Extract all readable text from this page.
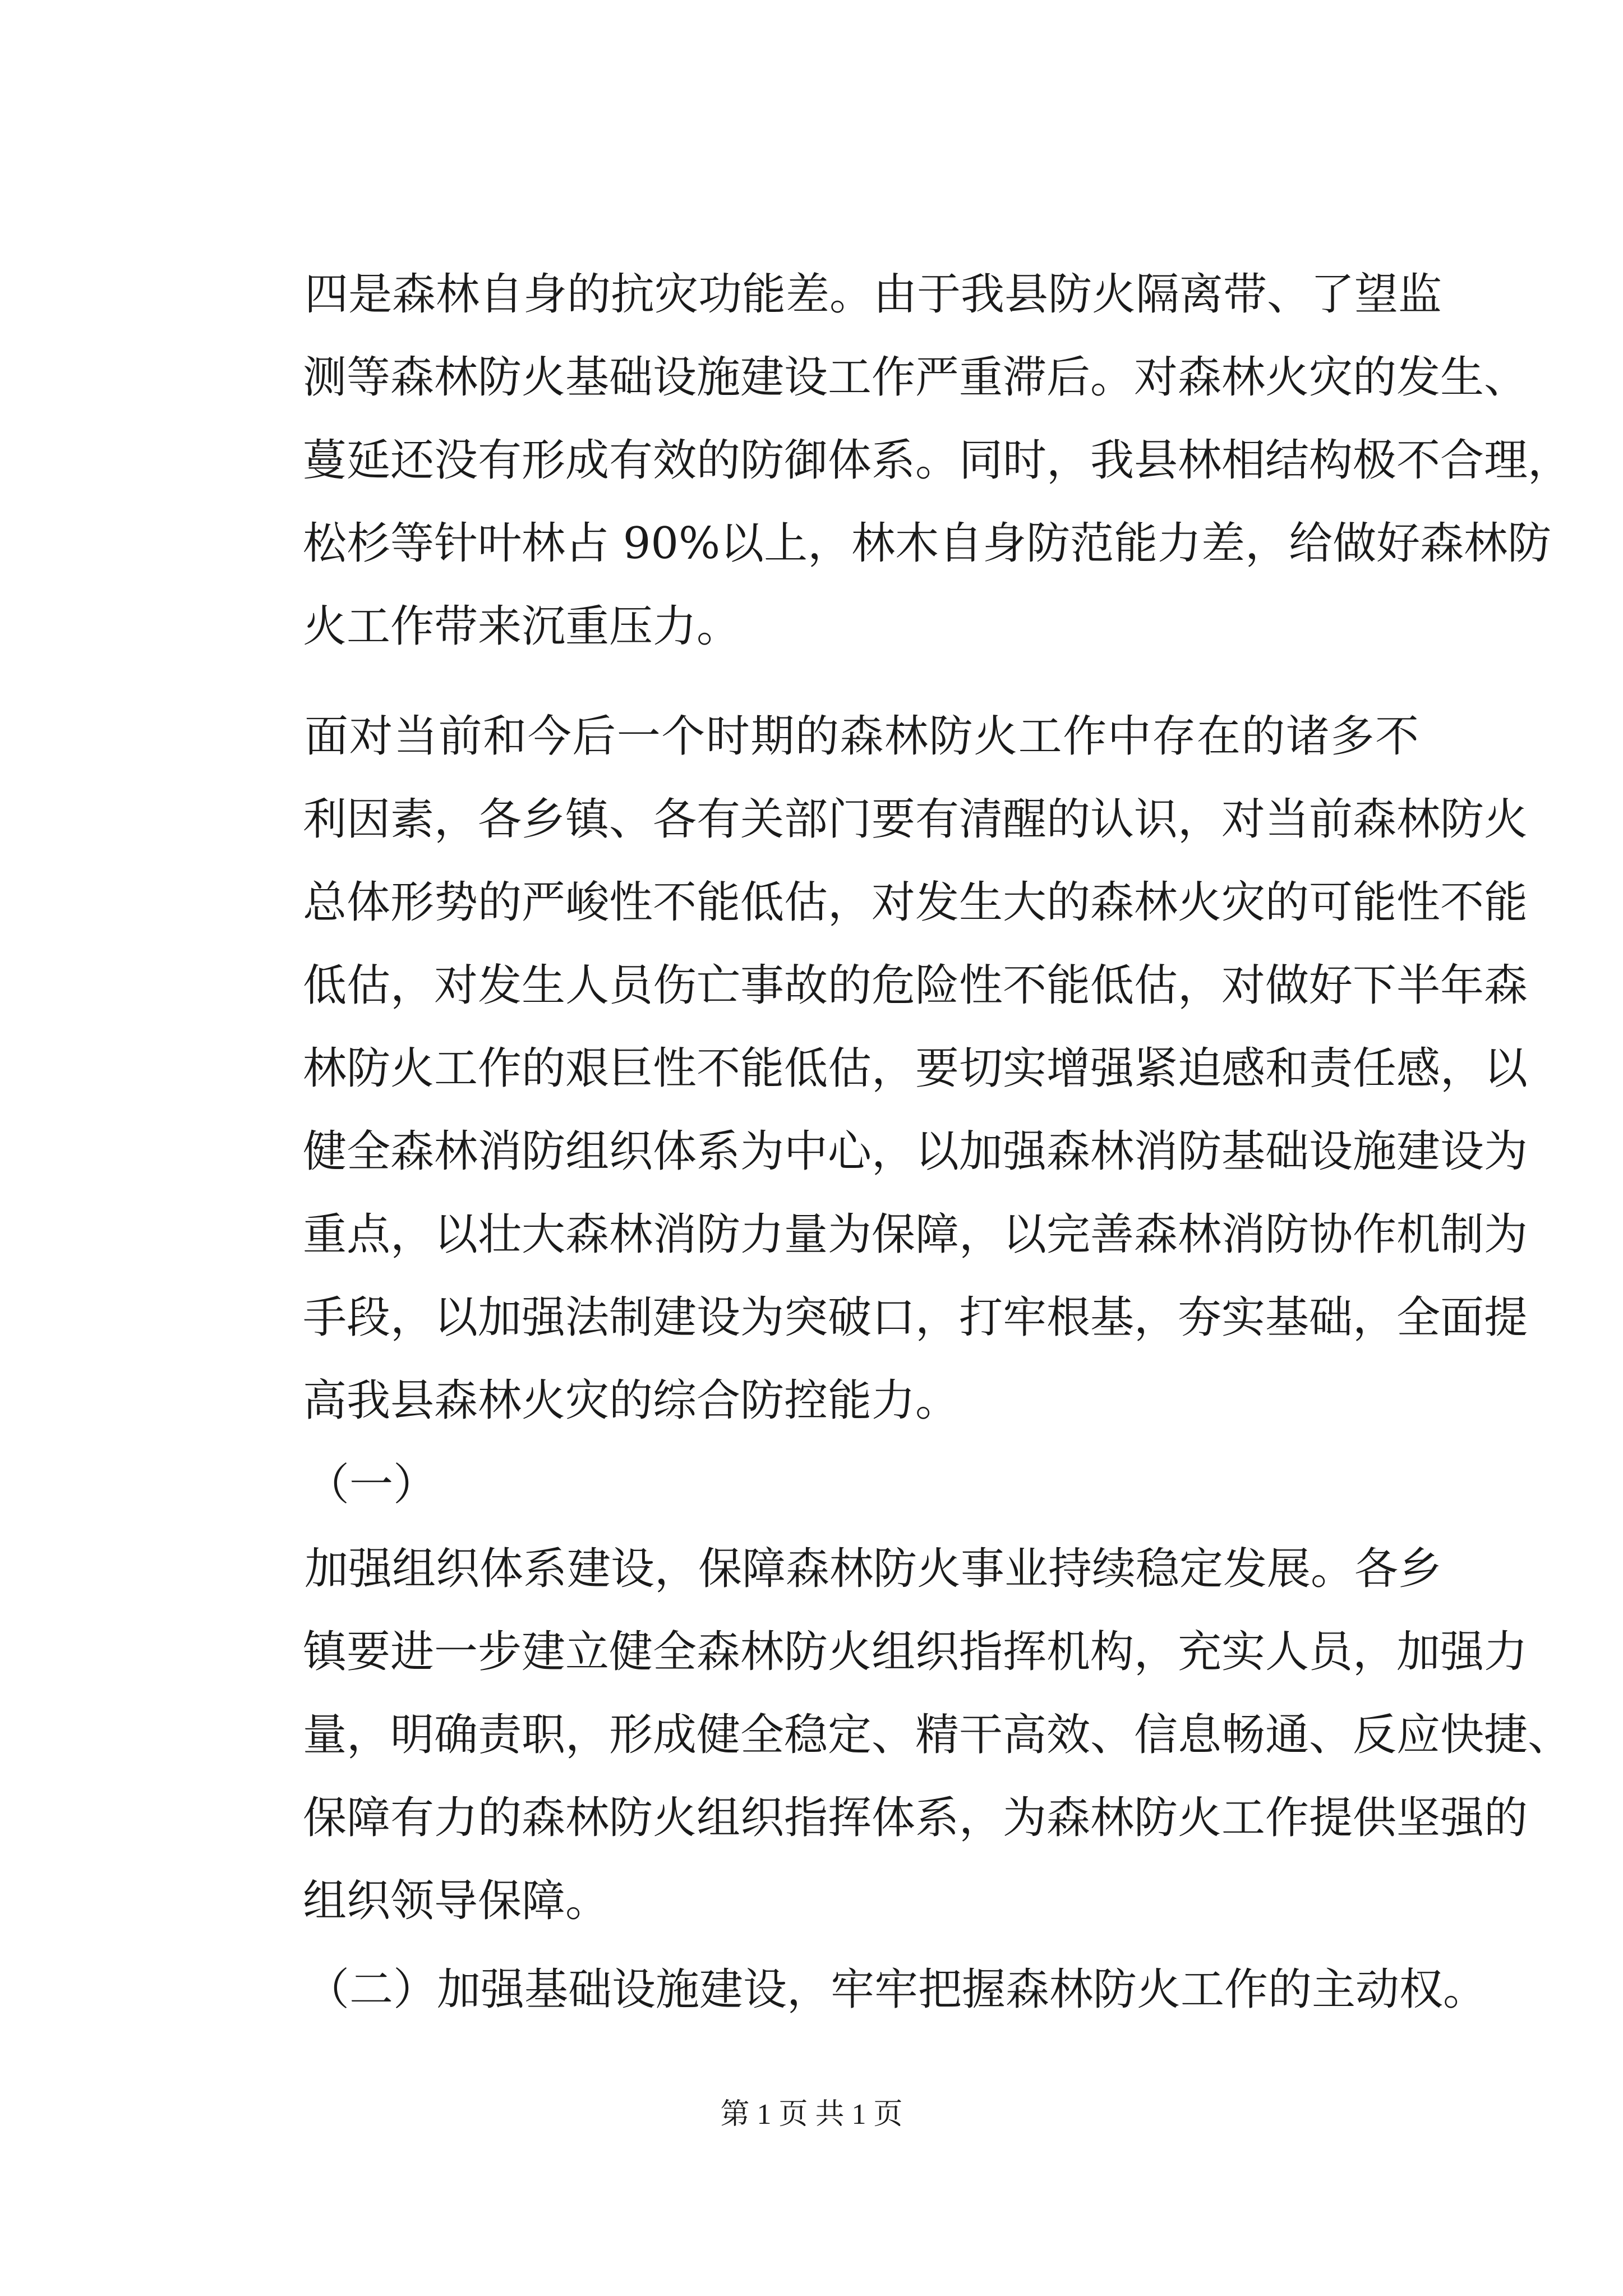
四是森林自身的抗灾功能差。由于我县防火隔离带、了望监
测等森林防火基础设施建设工作严重滞后。对森林火灾的发生、
蔓延还没有形成有效的防御体系。同时，我县林相结构极不合理，
松杉等针叶林占 90%以上，林木自身防范能力差，给做好森林防
火工作带来沉重压力。
面对当前和今后一个时期的森林防火工作中存在的诸多不
利因素，各乡镇、各有关部门要有清醒的认识，对当前森林防火
总体形势的严峻性不能低估，对发生大的森林火灾的可能性不能
低估，对发生人员伤亡事故的危险性不能低估，对做好下半年森
林防火工作的艰巨性不能低估，要切实增强紧迫感和责任感，以
健全森林消防组织体系为中心，以加强森林消防基础设施建设为
重点，以壮大森林消防力量为保障，以完善森林消防协作机制为
手段，以加强法制建设为突破口，打牢根基，夯实基础，全面提
高我县森林火灾的综合防控能力。
（一）
加强组织体系建设，保障森林防火事业持续稳定发展。各乡
镇要进一步建立健全森林防火组织指挥机构，充实人员，加强力
量，明确责职，形成健全稳定、精干高效、信息畅通、反应快捷、
保障有力的森林防火组织指挥体系，为森林防火工作提供坚强的
组织领导保障。
（二）加强基础设施建设，牢牢把握森林防火工作的主动权。
第 1 页 共 1 页
